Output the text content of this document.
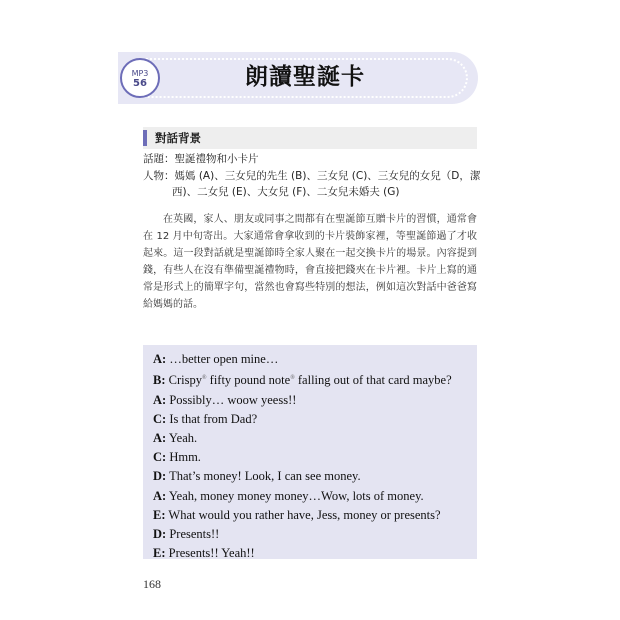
MP3
56	朗讀聖誕卡
對話背景
話題：聖誕禮物和小卡片
人物：媽媽 (A)、三女兒的先生 (B)、三女兒 (C)、三女兒的女兒（D，潔
西)、二女兒 (E)、大女兒 (F)、二女兒未婚夫 (G)
在英國，家人、朋友或同事之間都有在聖誕節互贈卡片的習慣，通常會在 12 月中旬寄出。大家通常會拿收到的卡片裝飾家裡，等聖誕節過了才收起來。這一段對話就是聖誕節時全家人聚在一起交換卡片的場景。內容提到錢，有些人在沒有準備聖誕禮物時，會直接把錢夾在卡片裡。卡片上寫的通常是形式上的簡單字句，當然也會寫些特別的想法，例如這次對話中爸爸寫給媽媽的話。
A: …better open mine…
B: Crispy® fifty pound note® falling out of that card maybe?
A: Possibly… woow yeess!!
C: Is that from Dad?
A: Yeah.
C: Hmm.
D: That’s money! Look, I can see money.
A: Yeah, money money money…Wow, lots of money.
E: What would you rather have, Jess, money or presents?
D: Presents!!
E: Presents!! Yeah!!
168
